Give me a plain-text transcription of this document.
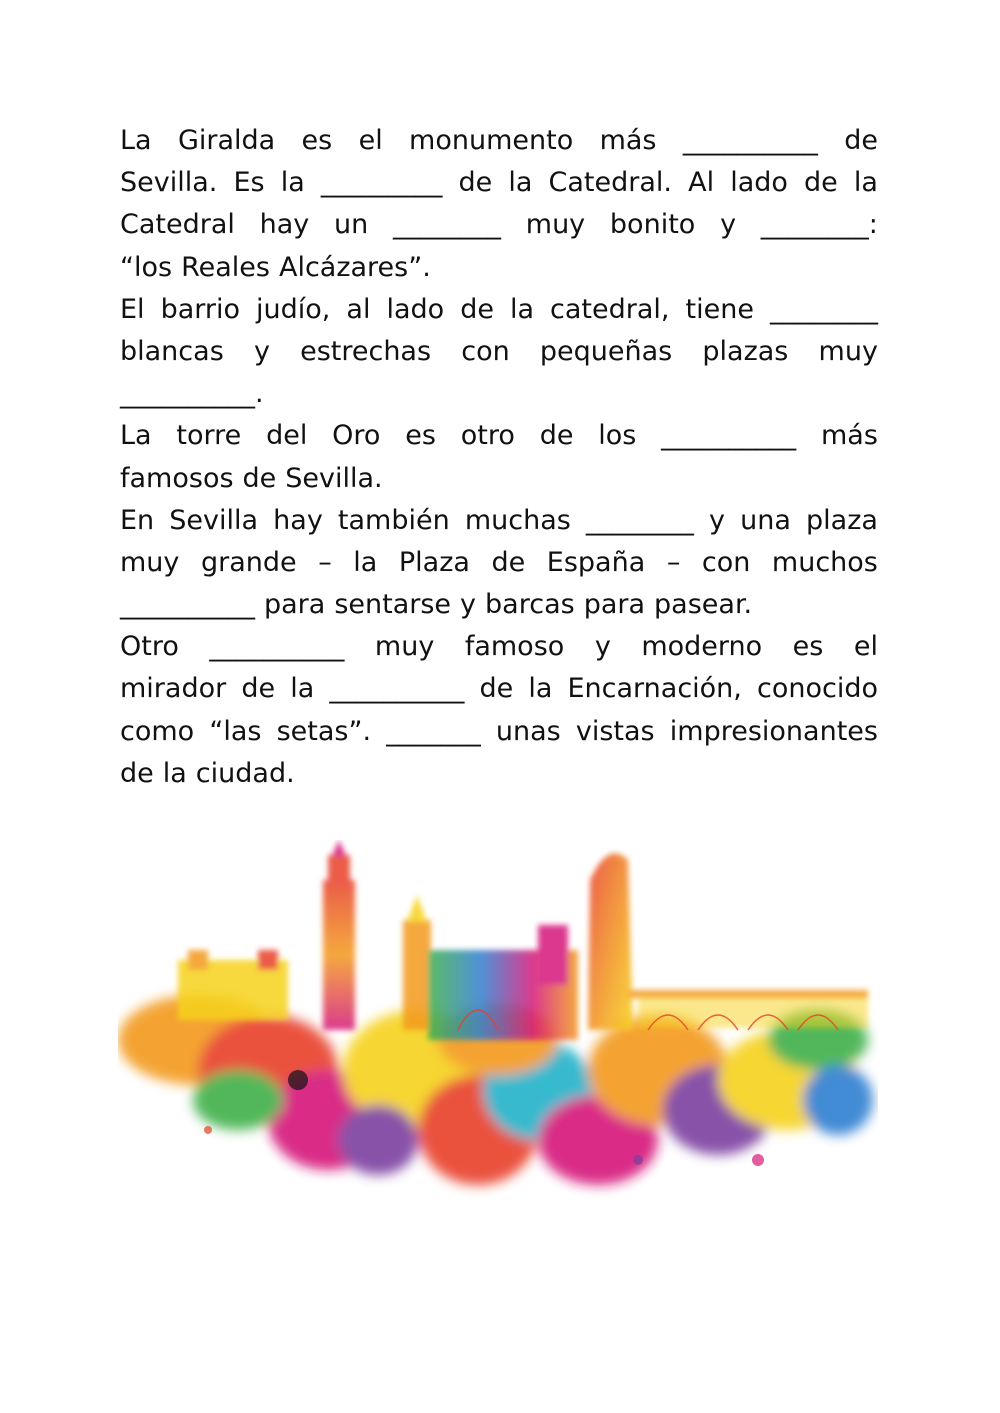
La Giralda es el monumento más __________ de
Sevilla. Es la _________ de la Catedral. Al lado de la
Catedral hay un ________ muy bonito y ________:
“los Reales Alcázares”.
El barrio judío, al lado de la catedral, tiene ________
blancas y estrechas con pequeñas plazas muy
__________.
La torre del Oro es otro de los __________ más
famosos de Sevilla.
En Sevilla hay también muchas ________ y una plaza
muy grande – la Plaza de España – con muchos
__________ para sentarse y barcas para pasear.
Otro __________ muy famoso y moderno es el
mirador de la __________ de la Encarnación, conocido
como “las setas”. _______ unas vistas impresionantes
de la ciudad.
